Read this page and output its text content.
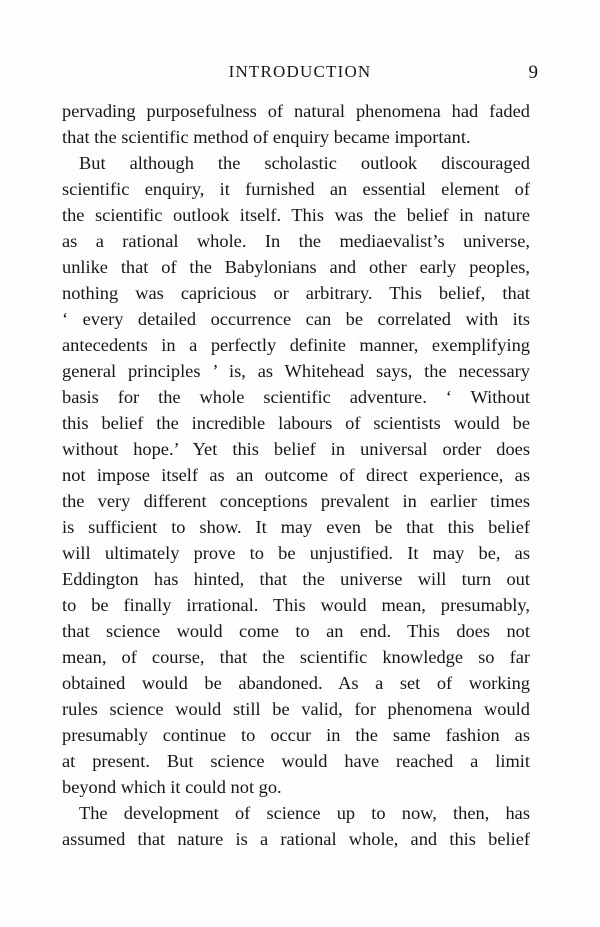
INTRODUCTION	9
pervading purposefulness of natural phenomena had faded
that the scientific method of enquiry became important.
But although the scholastic outlook discouraged
scientific enquiry, it furnished an essential element of
the scientific outlook itself. This was the belief in nature
as a rational whole. In the mediaevalist’s universe,
unlike that of the Babylonians and other early peoples,
nothing was capricious or arbitrary. This belief, that
‘ every detailed occurrence can be correlated with its
antecedents in a perfectly definite manner, exemplifying
general principles ’ is, as Whitehead says, the necessary
basis for the whole scientific adventure. ‘ Without
this belief the incredible labours of scientists would be
without hope.’ Yet this belief in universal order does
not impose itself as an outcome of direct experience, as
the very different conceptions prevalent in earlier times
is sufficient to show. It may even be that this belief
will ultimately prove to be unjustified. It may be, as
Eddington has hinted, that the universe will turn out
to be finally irrational. This would mean, presumably,
that science would come to an end. This does not
mean, of course, that the scientific knowledge so far
obtained would be abandoned. As a set of working
rules science would still be valid, for phenomena would
presumably continue to occur in the same fashion as
at present. But science would have reached a limit
beyond which it could not go.
The development of science up to now, then, has
assumed that nature is a rational whole, and this belief
